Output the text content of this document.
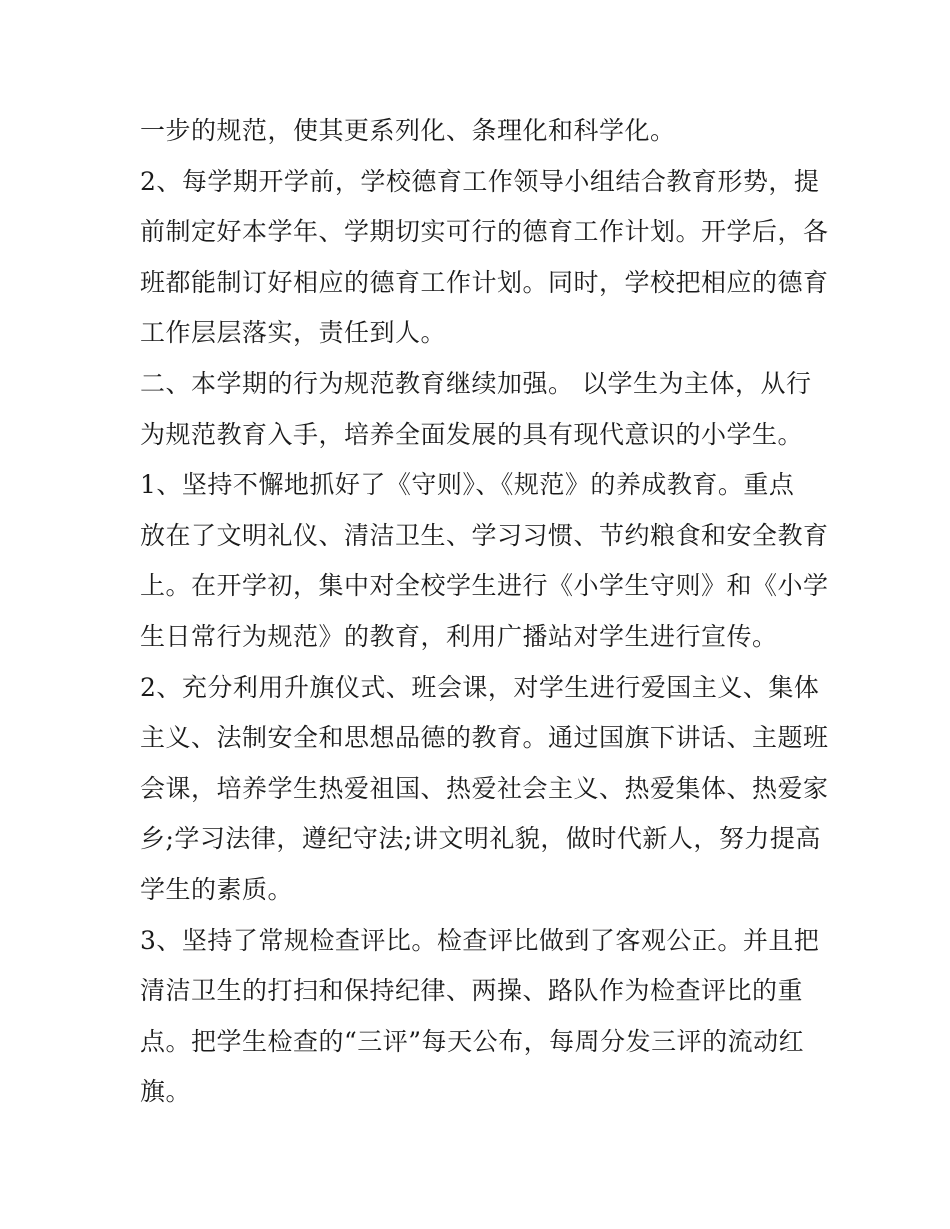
一步的规范，使其更系列化、条理化和科学化。
2、每学期开学前，学校德育工作领导小组结合教育形势，提
前制定好本学年、学期切实可行的德育工作计划。开学后，各
班都能制订好相应的德育工作计划。同时，学校把相应的德育
工作层层落实，责任到人。
二、本学期的行为规范教育继续加强。 以学生为主体，从行
为规范教育入手，培养全面发展的具有现代意识的小学生。
1、坚持不懈地抓好了《守则》、《规范》的养成教育。重点
放在了文明礼仪、清洁卫生、学习习惯、节约粮食和安全教育
上。在开学初，集中对全校学生进行《小学生守则》和《小学
生日常行为规范》的教育，利用广播站对学生进行宣传。
2、充分利用升旗仪式、班会课，对学生进行爱国主义、集体
主义、法制安全和思想品德的教育。通过国旗下讲话、主题班
会课，培养学生热爱祖国、热爱社会主义、热爱集体、热爱家
乡;学习法律，遵纪守法;讲文明礼貌，做时代新人，努力提高
学生的素质。
3、坚持了常规检查评比。检查评比做到了客观公正。并且把
清洁卫生的打扫和保持纪律、两操、路队作为检查评比的重
点。把学生检查的“三评”每天公布，每周分发三评的流动红
旗。
